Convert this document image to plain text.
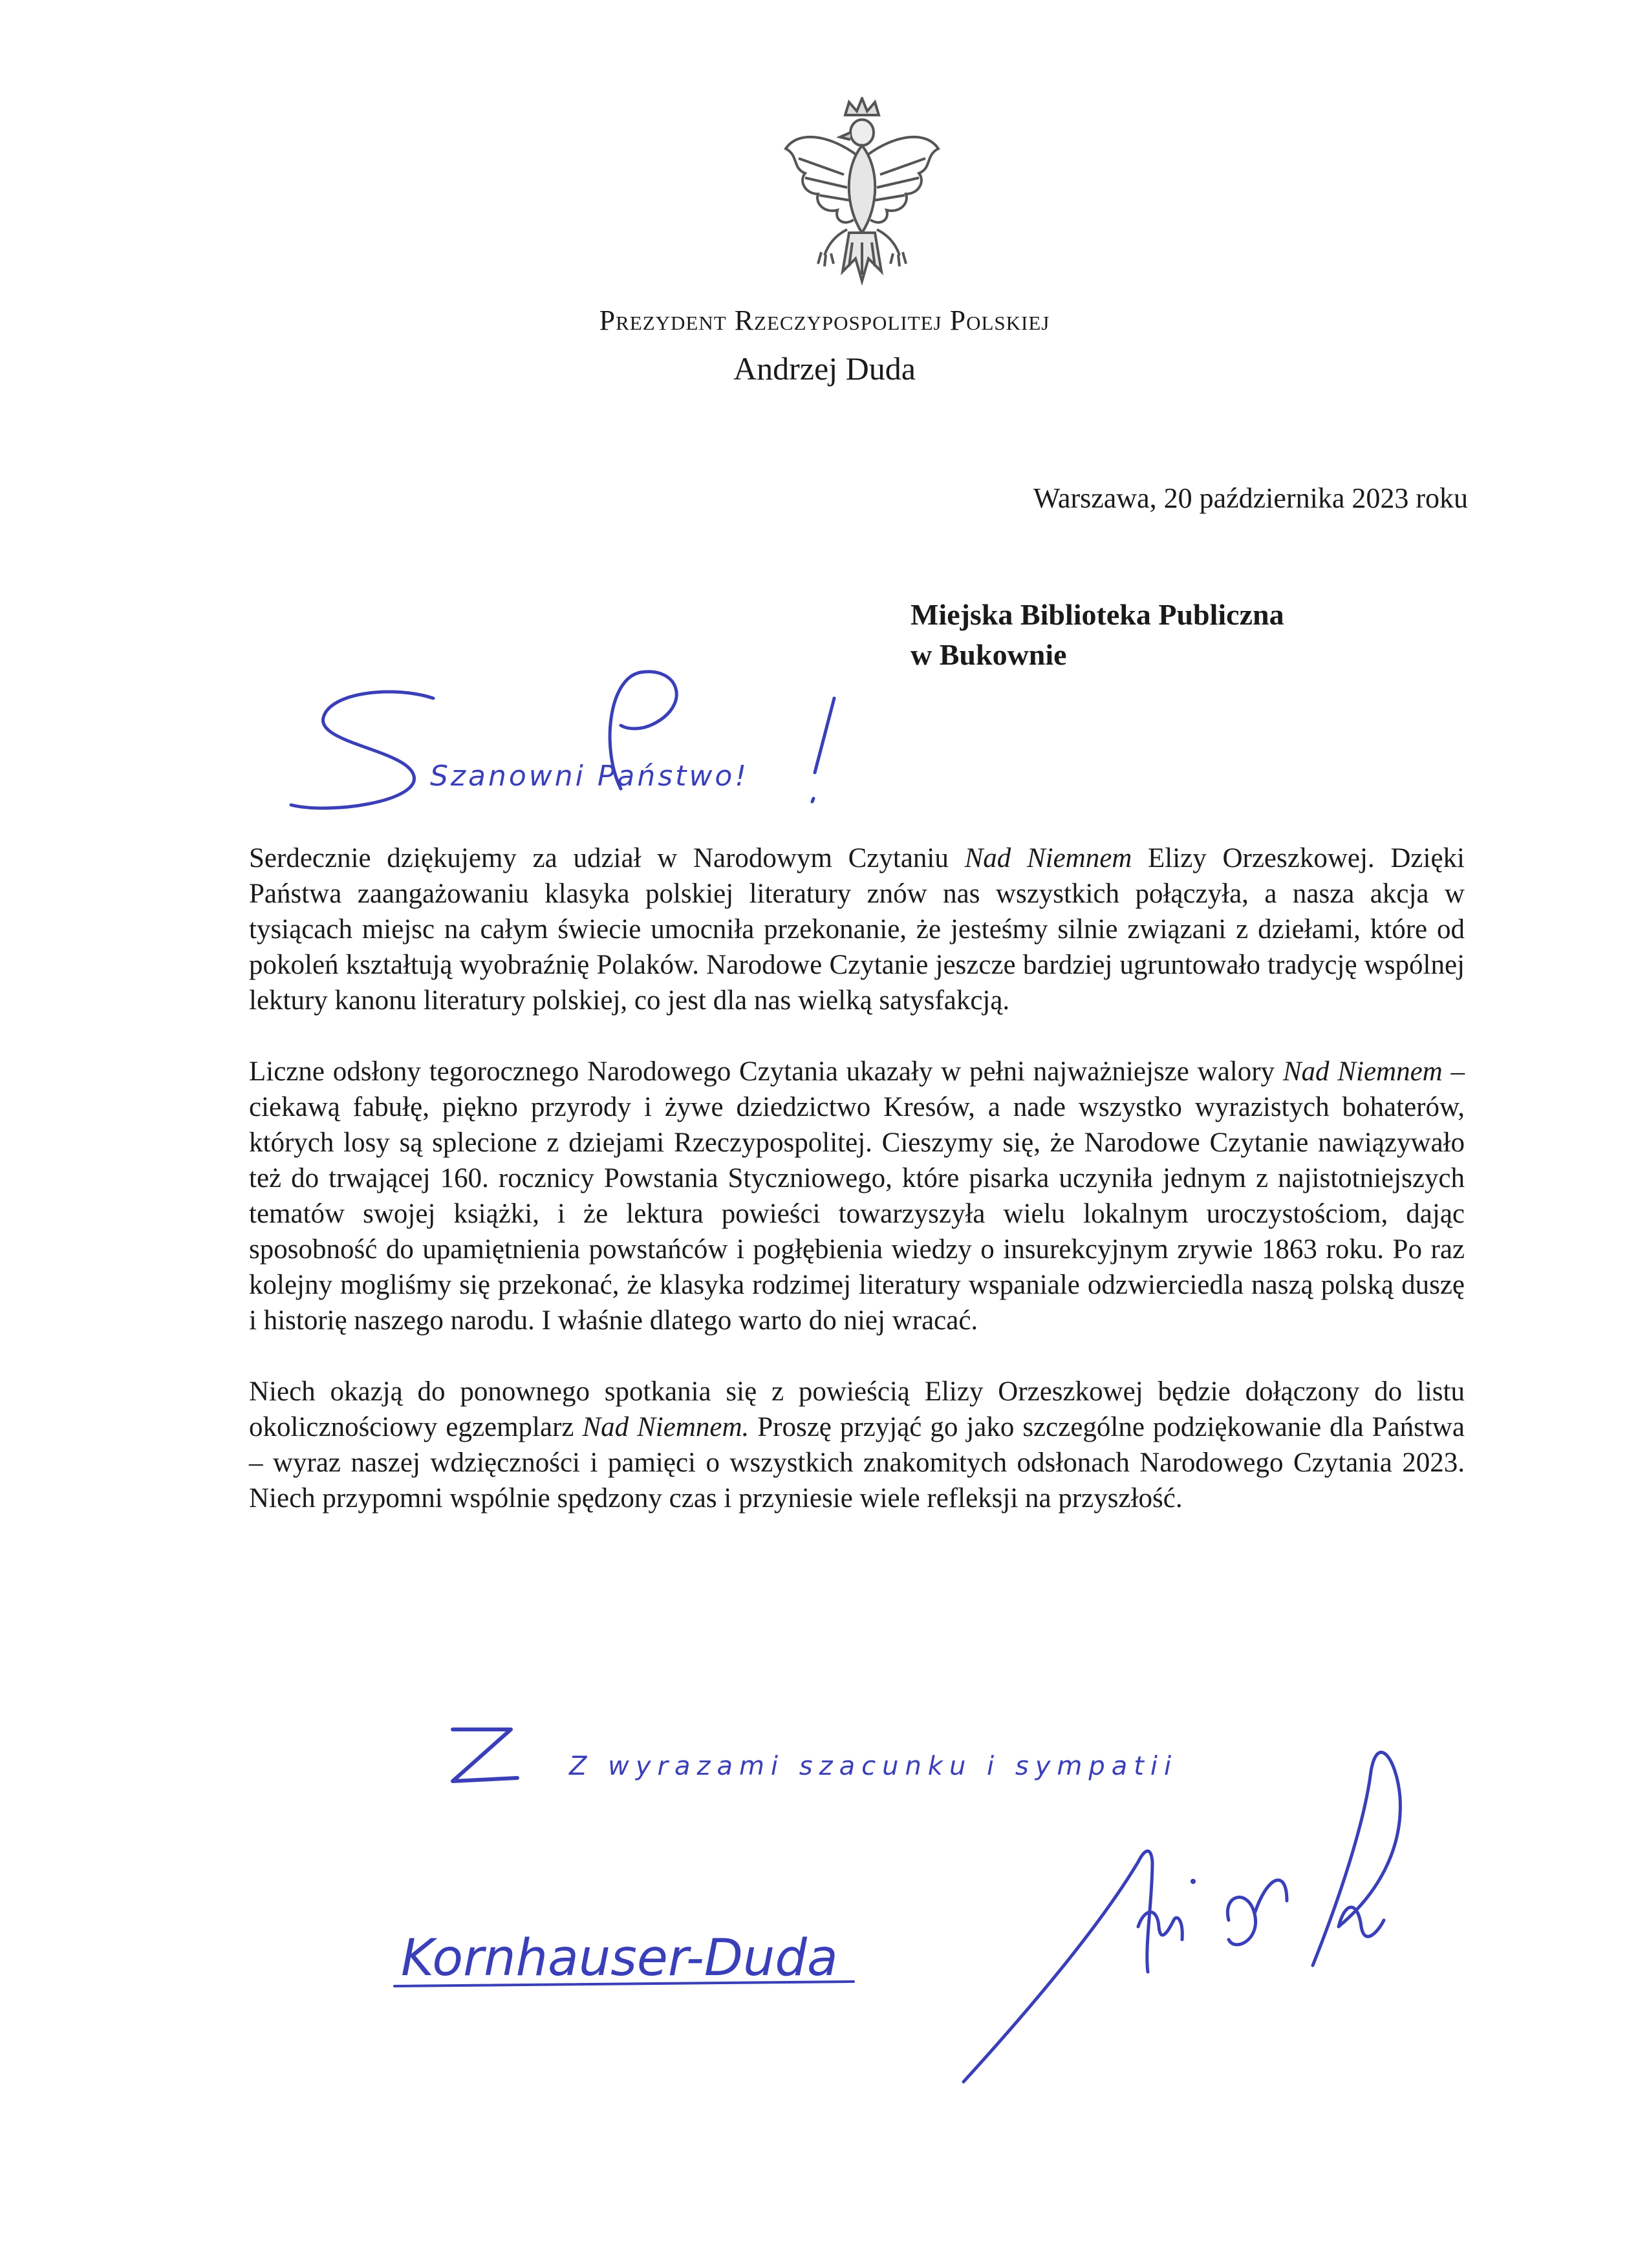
Prezydent Rzeczypospolitej Polskiej
Andrzej Duda
Warszawa, 20 października 2023 roku
Miejska Biblioteka Publiczna
w Bukownie
Szanowni Państwo!

Serdecznie dziękujemy za udział w Narodowym Czytaniu Nad Niemnem Elizy Orzeszkowej. Dzięki Państwa zaangażowaniu klasyka polskiej literatury znów nas wszystkich połączyła, a nasza akcja w tysiącach miejsc na całym świecie umocniła przekonanie, że jesteśmy silnie związani z dziełami, które od pokoleń kształtują wyobraźnię Polaków. Narodowe Czytanie jeszcze bardziej ugruntowało tradycję wspólnej lektury kanonu literatury polskiej, co jest dla nas wielką satysfakcją.

Liczne odsłony tegorocznego Narodowego Czytania ukazały w pełni najważniejsze walory Nad Niemnem – ciekawą fabułę, piękno przyrody i żywe dziedzictwo Kresów, a nade wszystko wyrazistych bohaterów, których losy są splecione z dziejami Rzeczypospolitej. Cieszymy się, że Narodowe Czytanie nawiązywało też do trwającej 160. rocznicy Powstania Styczniowego, które pisarka uczyniła jednym z najistotniejszych tematów swojej książki, i że lektura powieści towarzyszyła wielu lokalnym uroczystościom, dając sposobność do upamiętnienia powstańców i pogłębienia wiedzy o insurekcyjnym zrywie 1863 roku. Po raz kolejny mogliśmy się przekonać, że klasyka rodzimej literatury wspaniale odzwierciedla naszą polską duszę i historię naszego narodu. I właśnie dlatego warto do niej wracać.

Niech okazją do ponownego spotkania się z powieścią Elizy Orzeszkowej będzie dołączony do listu okolicznościowy egzemplarz Nad Niemnem. Proszę przyjąć go jako szczególne podziękowanie dla Państwa – wyraz naszej wdzięczności i pamięci o wszystkich znakomitych odsłonach Narodowego Czytania 2023. Niech przypomni wspólnie spędzony czas i przyniesie wiele refleksji na przyszłość.

Z wyrazami szacunku i sympatii
Kornhauser-Duda
